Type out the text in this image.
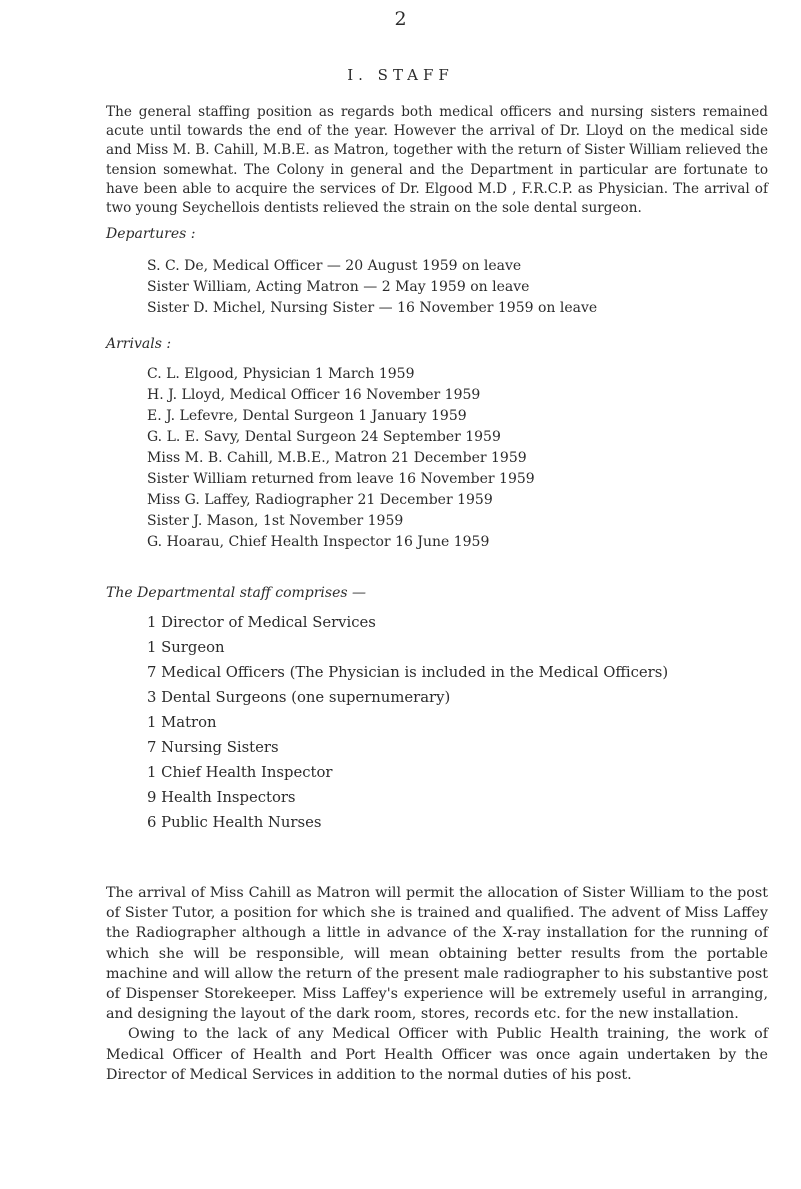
2
I. STAFF

The general staffing position as regards both medical officers and nursing sisters remained acute until towards the end of the year. However the arrival of Dr. Lloyd on the medical side and Miss M. B. Cahill, M.B.E. as Matron, together with the return of Sister William relieved the tension somewhat. The Colony in general and the Department in particular are fortunate to have been able to acquire the services of Dr. Elgood M.D , F.R.C.P. as Physician. The arrival of two young Seychellois dentists relieved the strain on the sole dental surgeon.

Departures :

S. C. De, Medical Officer — 20 August 1959 on leave
Sister William, Acting Matron — 2 May 1959 on leave
Sister D. Michel, Nursing Sister — 16 November 1959 on leave

Arrivals :

C. L. Elgood, Physician 1 March 1959
H. J. Lloyd, Medical Officer 16 November 1959
E. J. Lefevre, Dental Surgeon 1 January 1959
G. L. E. Savy, Dental Surgeon 24 September 1959
Miss M. B. Cahill, M.B.E., Matron 21 December 1959
Sister William returned from leave 16 November 1959
Miss G. Laffey, Radiographer 21 December 1959
Sister J. Mason, 1st November 1959
G. Hoarau, Chief Health Inspector 16 June 1959

The Departmental staff comprises —

1 Director of Medical Services
1 Surgeon
7 Medical Officers (The Physician is included in the Medical Officers)
3 Dental Surgeons (one supernumerary)
1 Matron
7 Nursing Sisters
1 Chief Health Inspector
9 Health Inspectors
6 Public Health Nurses

The arrival of Miss Cahill as Matron will permit the allocation of Sister William to the post of Sister Tutor, a position for which she is trained and qualified. The advent of Miss Laffey the Radiographer although a little in advance of the X-ray installation for the running of which she will be responsible, will mean obtaining better results from the portable machine and will allow the return of the present male radiographer to his substantive post of Dispenser Storekeeper. Miss Laffey's experience will be extremely useful in arranging, and designing the layout of the dark room, stores, records etc. for the new installation.

Owing to the lack of any Medical Officer with Public Health training, the work of Medical Officer of Health and Port Health Officer was once again undertaken by the Director of Medical Services in addition to the normal duties of his post.
